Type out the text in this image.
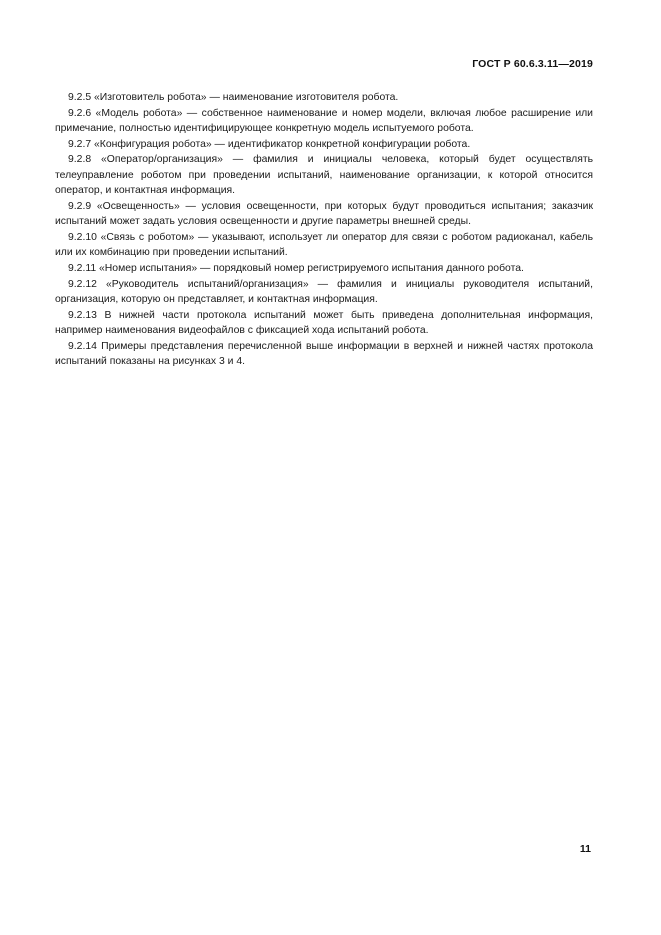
ГОСТ Р 60.6.3.11—2019

9.2.5 «Изготовитель робота» — наименование изготовителя робота.

9.2.6 «Модель робота» — собственное наименование и номер модели, включая любое расширение или примечание, полностью идентифицирующее конкретную модель испытуемого робота.

9.2.7 «Конфигурация робота» — идентификатор конкретной конфигурации робота.

9.2.8 «Оператор/организация» — фамилия и инициалы человека, который будет осуществлять телеуправление роботом при проведении испытаний, наименование организации, к которой относится оператор, и контактная информация.

9.2.9 «Освещенность» — условия освещенности, при которых будут проводиться испытания; заказчик испытаний может задать условия освещенности и другие параметры внешней среды.

9.2.10 «Связь с роботом» — указывают, использует ли оператор для связи с роботом радиоканал, кабель или их комбинацию при проведении испытаний.

9.2.11 «Номер испытания» — порядковый номер регистрируемого испытания данного робота.

9.2.12 «Руководитель испытаний/организация» — фамилия и инициалы руководителя испытаний, организация, которую он представляет, и контактная информация.

9.2.13 В нижней части протокола испытаний может быть приведена дополнительная информация, например наименования видеофайлов с фиксацией хода испытаний робота.

9.2.14 Примеры представления перечисленной выше информации в верхней и нижней частях протокола испытаний показаны на рисунках 3 и 4.

11
